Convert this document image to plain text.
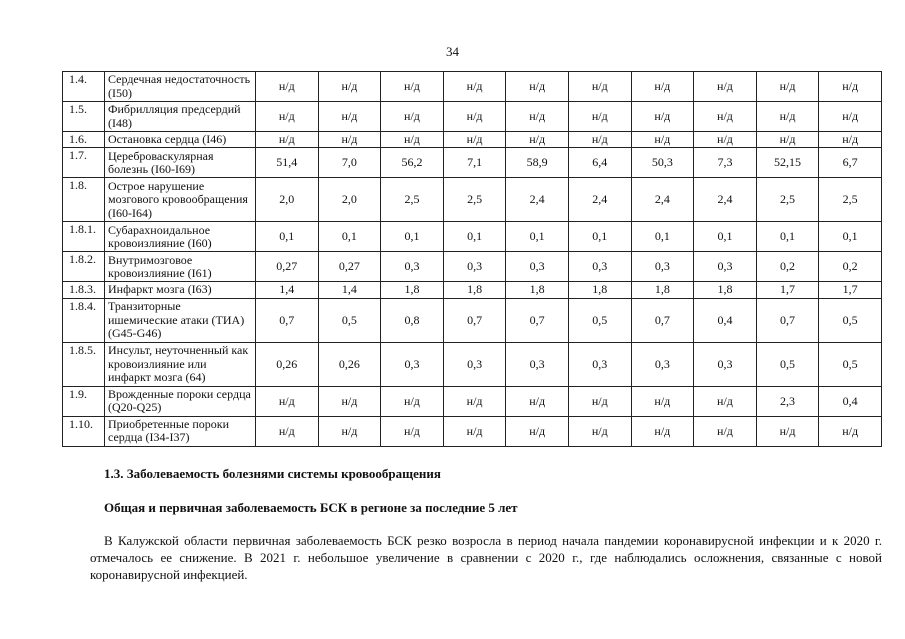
34
1.4.	Сердечная недостаточность (I50)	н/д	н/д	н/д	н/д	н/д	н/д	н/д	н/д	н/д	н/д
1.5.	Фибрилляция предсердий (I48)	н/д	н/д	н/д	н/д	н/д	н/д	н/д	н/д	н/д	н/д
1.6.	Остановка сердца (I46)	н/д	н/д	н/д	н/д	н/д	н/д	н/д	н/д	н/д	н/д
1.7.	Цереброваскулярная болезнь (I60-I69)	51,4	7,0	56,2	7,1	58,9	6,4	50,3	7,3	52,15	6,7
1.8.	Острое нарушение мозгового кровообращения (I60-I64)	2,0	2,0	2,5	2,5	2,4	2,4	2,4	2,4	2,5	2,5
1.8.1.	Субарахноидальное кровоизлияние (I60)	0,1	0,1	0,1	0,1	0,1	0,1	0,1	0,1	0,1	0,1
1.8.2.	Внутримозговое кровоизлияние (I61)	0,27	0,27	0,3	0,3	0,3	0,3	0,3	0,3	0,2	0,2
1.8.3.	Инфаркт мозга (I63)	1,4	1,4	1,8	1,8	1,8	1,8	1,8	1,8	1,7	1,7
1.8.4.	Транзиторные ишемические атаки (ТИА) (G45-G46)	0,7	0,5	0,8	0,7	0,7	0,5	0,7	0,4	0,7	0,5
1.8.5.	Инсульт, неуточненный как кровоизлияние или инфаркт мозга (64)	0,26	0,26	0,3	0,3	0,3	0,3	0,3	0,3	0,5	0,5
1.9.	Врожденные пороки сердца (Q20-Q25)	н/д	н/д	н/д	н/д	н/д	н/д	н/д	н/д	2,3	0,4
1.10.	Приобретенные пороки сердца (I34-I37)	н/д	н/д	н/д	н/д	н/д	н/д	н/д	н/д	н/д	н/д
1.3. Заболеваемость болезнями системы кровообращения
Общая и первичная заболеваемость БСК в регионе за последние 5 лет

В Калужской области первичная заболеваемость БСК резко возросла в период начала пандемии коронавирусной инфекции и к 2020 г. отмечалось ее снижение. В 2021 г. небольшое увеличение в сравнении с 2020 г., где наблюдались осложнения, связанные с новой коронавирусной инфекцией.
